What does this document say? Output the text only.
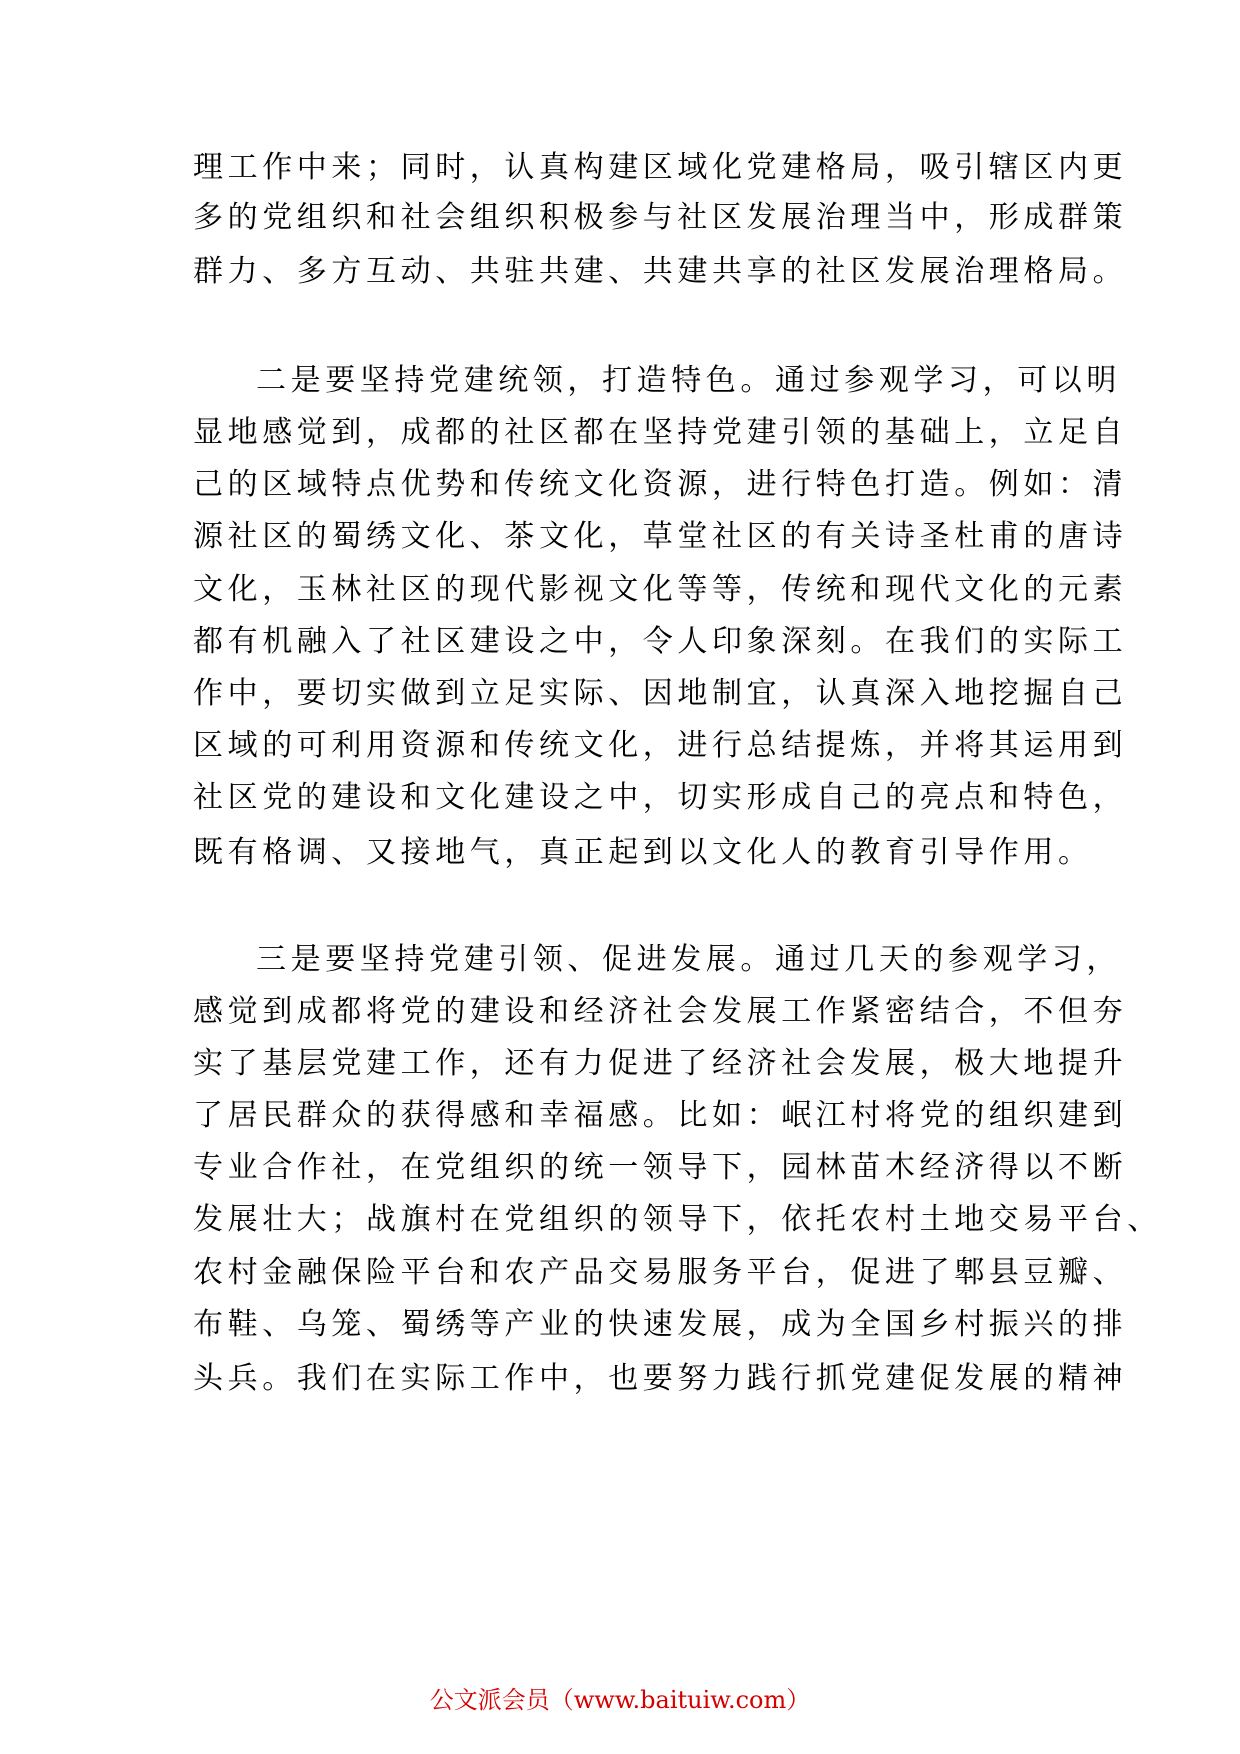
理工作中来；同时，认真构建区域化党建格局，吸引辖区内更
多的党组织和社会组织积极参与社区发展治理当中，形成群策
群力、多方互动、共驻共建、共建共享的社区发展治理格局。
二是要坚持党建统领，打造特色。通过参观学习，可以明
显地感觉到，成都的社区都在坚持党建引领的基础上，立足自
己的区域特点优势和传统文化资源，进行特色打造。例如：清
源社区的蜀绣文化、茶文化，草堂社区的有关诗圣杜甫的唐诗
文化，玉林社区的现代影视文化等等，传统和现代文化的元素
都有机融入了社区建设之中，令人印象深刻。在我们的实际工
作中，要切实做到立足实际、因地制宜，认真深入地挖掘自己
区域的可利用资源和传统文化，进行总结提炼，并将其运用到
社区党的建设和文化建设之中，切实形成自己的亮点和特色，
既有格调、又接地气，真正起到以文化人的教育引导作用。
三是要坚持党建引领、促进发展。通过几天的参观学习，
感觉到成都将党的建设和经济社会发展工作紧密结合，不但夯
实了基层党建工作，还有力促进了经济社会发展，极大地提升
了居民群众的获得感和幸福感。比如：岷江村将党的组织建到
专业合作社，在党组织的统一领导下，园林苗木经济得以不断
发展壮大；战旗村在党组织的领导下，依托农村土地交易平台、
农村金融保险平台和农产品交易服务平台，促进了郫县豆瓣、
布鞋、乌笼、蜀绣等产业的快速发展，成为全国乡村振兴的排
头兵。我们在实际工作中，也要努力践行抓党建促发展的精神
公文派会员（www.baituiw.com）
